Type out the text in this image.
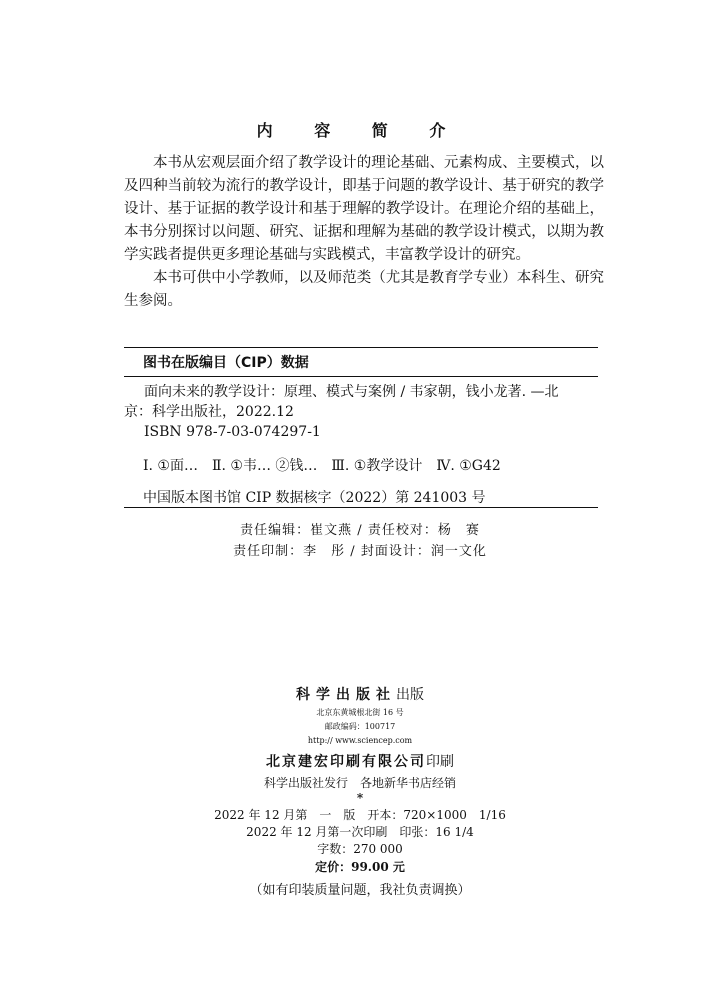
内 容 简 介

本书从宏观层面介绍了教学设计的理论基础、元素构成、主要模式，以及四种当前较为流行的教学设计，即基于问题的教学设计、基于研究的教学设计、基于证据的教学设计和基于理解的教学设计。在理论介绍的基础上，本书分别探讨以问题、研究、证据和理解为基础的教学设计模式，以期为教学实践者提供更多理论基础与实践模式，丰富教学设计的研究。

本书可供中小学教师，以及师范类（尤其是教育学专业）本科生、研究生参阅。

图书在版编目（CIP）数据
面向未来的教学设计：原理、模式与案例 / 韦家朝，钱小龙著. —北
京：科学出版社，2022.12
ISBN 978-7-03-074297-1
Ⅰ. ①面…　Ⅱ. ①韦… ②钱…　Ⅲ. ①教学设计　Ⅳ. ①G42
中国版本图书馆 CIP 数据核字（2022）第 241003 号
责任编辑：崔文燕 / 责任校对：杨　赛
责任印制：李　彤 / 封面设计：润一文化
科学出版社出版
北京东黄城根北街 16 号
邮政编码：100717
http:// www.sciencep.com
北京建宏印刷有限公司印刷
科学出版社发行　各地新华书店经销
*
2022 年 12 月第　一　版　开本：720×1000　1/16
2022 年 12 月第一次印刷　印张：16 1/4
字数：270 000
定价：99.00 元
（如有印装质量问题，我社负责调换）
